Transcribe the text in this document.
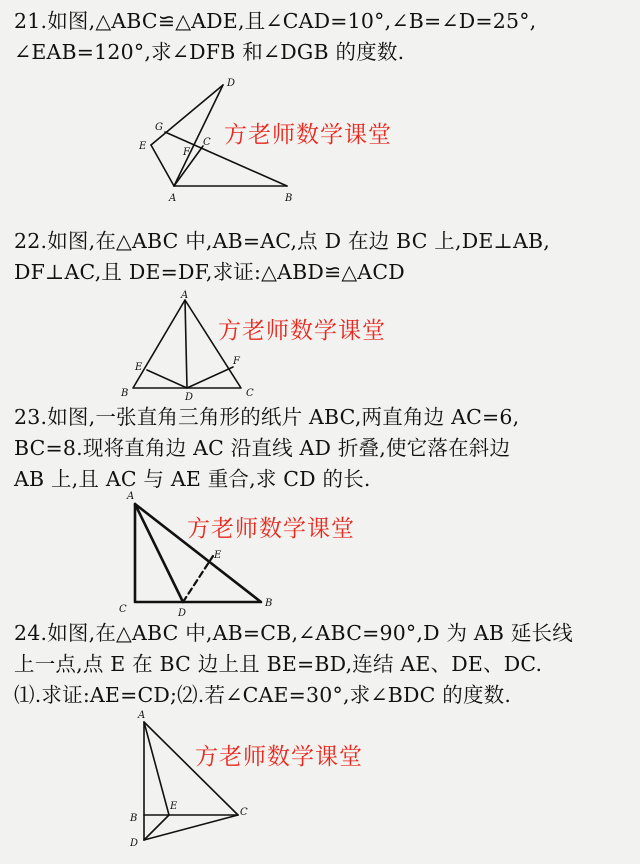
21.如图,△ABC≌△ADE,且∠CAD=10°,∠B=∠D=25°,
∠EAB=120°,求∠DFB 和∠DGB 的度数.
D
G
E
F
C
A	B
方老师数学课堂
22.如图,在△ABC 中,AB=AC,点 D 在边 BC 上,DE⊥AB,
DF⊥AC,且 DE=DF,求证:△ABD≌△ACD
A
E
F
B	D	C
方老师数学课堂
23.如图,一张直角三角形的纸片 ABC,两直角边 AC=6,
BC=8.现将直角边 AC 沿直线 AD 折叠,使它落在斜边
AB 上,且 AC 与 AE 重合,求 CD 的长.
A
E
C	D
B
方老师数学课堂
24.如图,在△ABC 中,AB=CB,∠ABC=90°,D 为 AB 延长线
上一点,点 E 在 BC 边上且 BE=BD,连结 AE、DE、DC.
⑴.求证:AE=CD;⑵.若∠CAE=30°,求∠BDC 的度数.
A
E
C
B
D
方老师数学课堂
